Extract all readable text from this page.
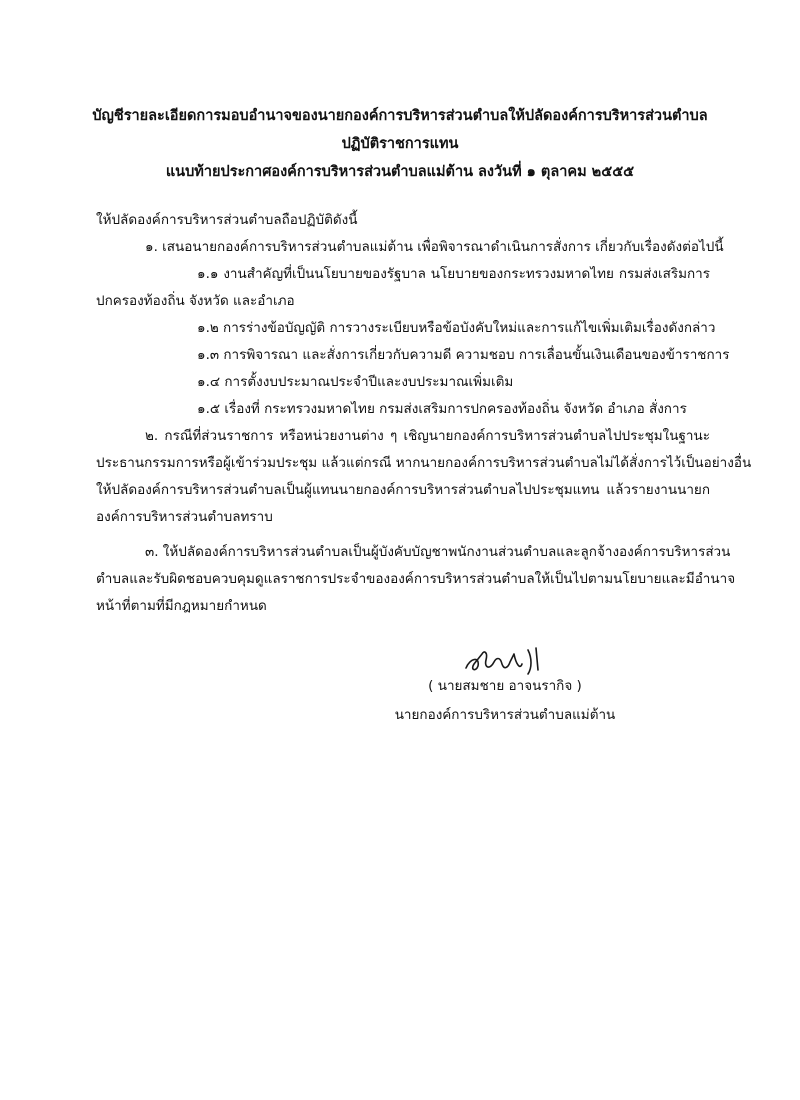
บัญชีรายละเอียดการมอบอำนาจของนายกองค์การบริหารส่วนตำบลให้ปลัดองค์การบริหารส่วนตำบล
ปฏิบัติราชการแทน
แนบท้ายประกาศองค์การบริหารส่วนตำบลแม่ต้าน ลงวันที่ ๑ ตุลาคม ๒๕๕๕
ให้ปลัดองค์การบริหารส่วนตำบลถือปฏิบัติดังนี้
๑. เสนอนายกองค์การบริหารส่วนตำบลแม่ต้าน เพื่อพิจารณาดำเนินการสั่งการ เกี่ยวกับเรื่องดังต่อไปนี้
๑.๑ งานสำคัญที่เป็นนโยบายของรัฐบาล นโยบายของกระทรวงมหาดไทย กรมส่งเสริมการ
ปกครองท้องถิ่น จังหวัด และอำเภอ
๑.๒ การร่างข้อบัญญัติ การวางระเบียบหรือข้อบังคับใหม่และการแก้ไขเพิ่มเติมเรื่องดังกล่าว
๑.๓ การพิจารณา และสั่งการเกี่ยวกับความดี ความชอบ การเลื่อนขั้นเงินเดือนของข้าราชการ
๑.๔ การตั้งงบประมาณประจำปีและงบประมาณเพิ่มเติม
๑.๕ เรื่องที่ กระทรวงมหาดไทย กรมส่งเสริมการปกครองท้องถิ่น จังหวัด อำเภอ สั่งการ
๒. กรณีที่ส่วนราชการ หรือหน่วยงานต่าง ๆ เชิญนายกองค์การบริหารส่วนตำบลไปประชุมในฐานะ
ประธานกรรมการหรือผู้เข้าร่วมประชุม แล้วแต่กรณี หากนายกองค์การบริหารส่วนตำบลไม่ได้สั่งการไว้เป็นอย่างอื่น
ให้ปลัดองค์การบริหารส่วนตำบลเป็นผู้แทนนายกองค์การบริหารส่วนตำบลไปประชุมแทน แล้วรายงานนายก
องค์การบริหารส่วนตำบลทราบ
๓. ให้ปลัดองค์การบริหารส่วนตำบลเป็นผู้บังคับบัญชาพนักงานส่วนตำบลและลูกจ้างองค์การบริหารส่วน
ตำบลและรับผิดชอบควบคุมดูแลราชการประจำขององค์การบริหารส่วนตำบลให้เป็นไปตามนโยบายและมีอำนาจ
หน้าที่ตามที่มีกฎหมายกำหนด
( นายสมชาย อาจนรากิจ )
นายกองค์การบริหารส่วนตำบลแม่ต้าน
